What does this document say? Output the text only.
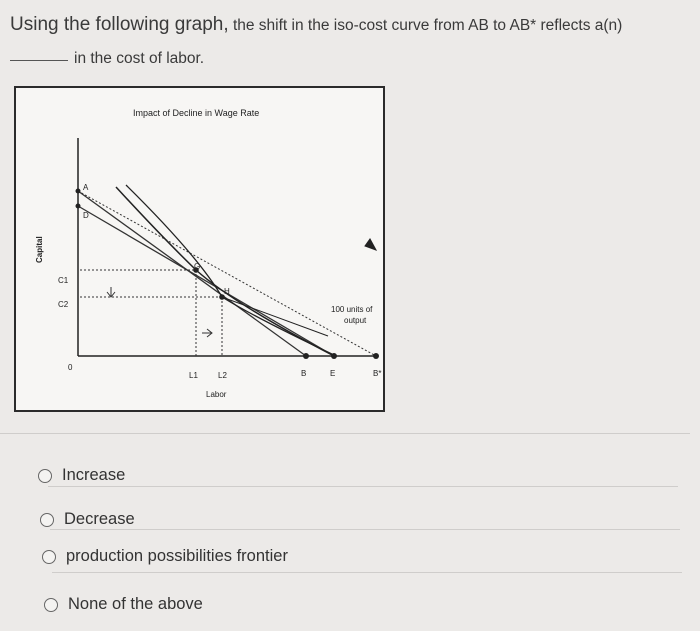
Using the following graph, the shift in the iso-cost curve from AB to AB* reflects a(n)
in the cost of labor.
Impact of Decline in Wage Rate
Capital
A
D
G
H
C1
C2
0
L1	L2	B	E	B*
Labor
100 units of
output
Increase
Decrease
production possibilities frontier
None of the above
